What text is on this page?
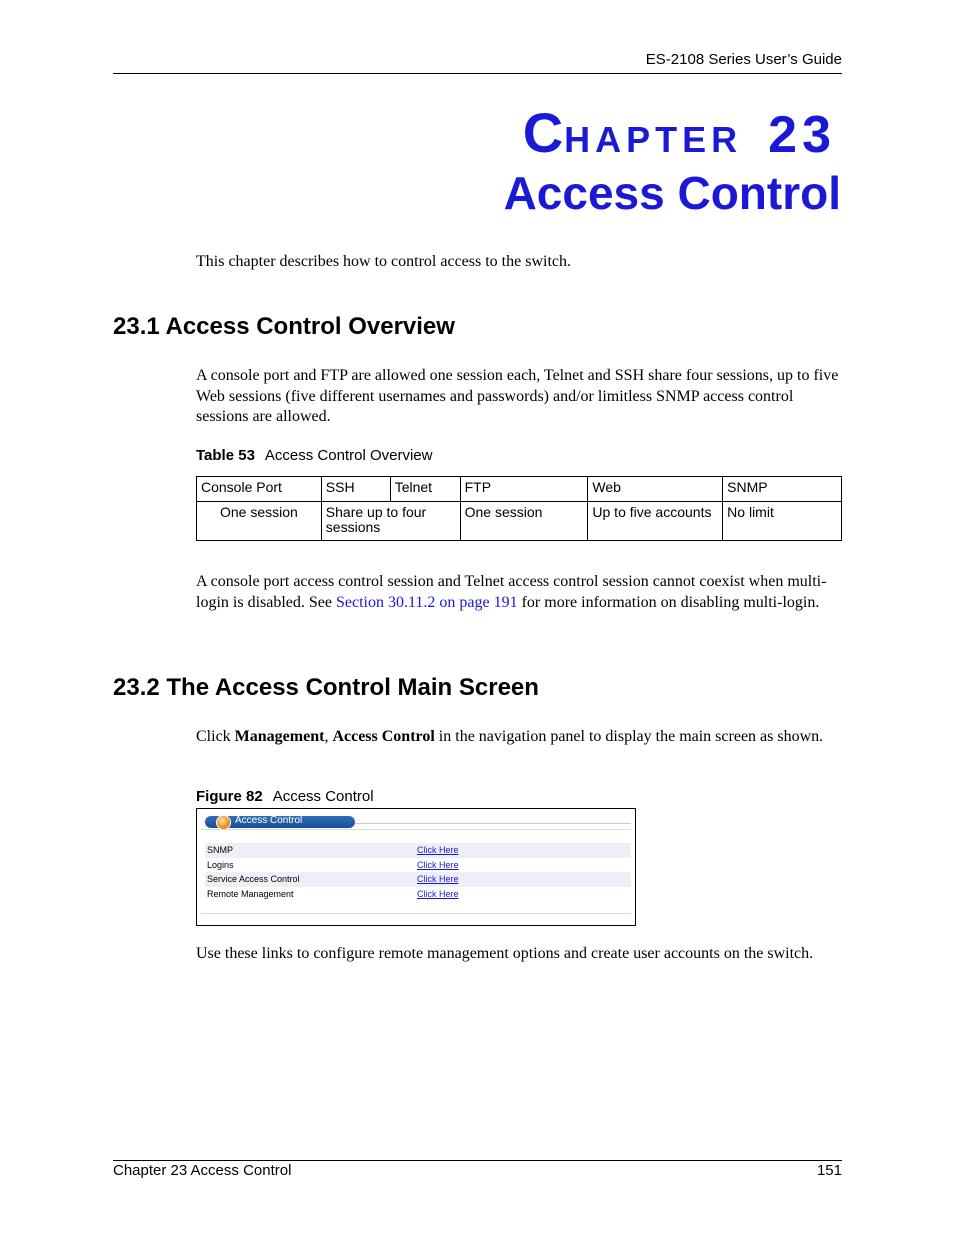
ES-2108 Series User’s Guide
CHAPTER 23
Access Control
This chapter describes how to control access to the switch.
23.1 Access Control Overview
A console port and FTP are allowed one session each, Telnet and SSH share four sessions, up to five Web sessions (five different usernames and passwords) and/or limitless SNMP access control sessions are allowed.
Table 53 Access Control Overview
Console Port	SSH	Telnet	FTP	Web	SNMP
One session	Share up to four sessions		One session	Up to five accounts	No limit
A console port access control session and Telnet access control session cannot coexist when multi-login is disabled. See Section 30.11.2 on page 191 for more information on disabling multi-login.
23.2 The Access Control Main Screen
Click Management, Access Control in the navigation panel to display the main screen as shown.
Figure 82 Access Control
Access Control
SNMP	Click Here
Logins	Click Here
Service Access Control	Click Here
Remote Management	Click Here
Use these links to configure remote management options and create user accounts on the switch.
Chapter 23 Access Control	151
